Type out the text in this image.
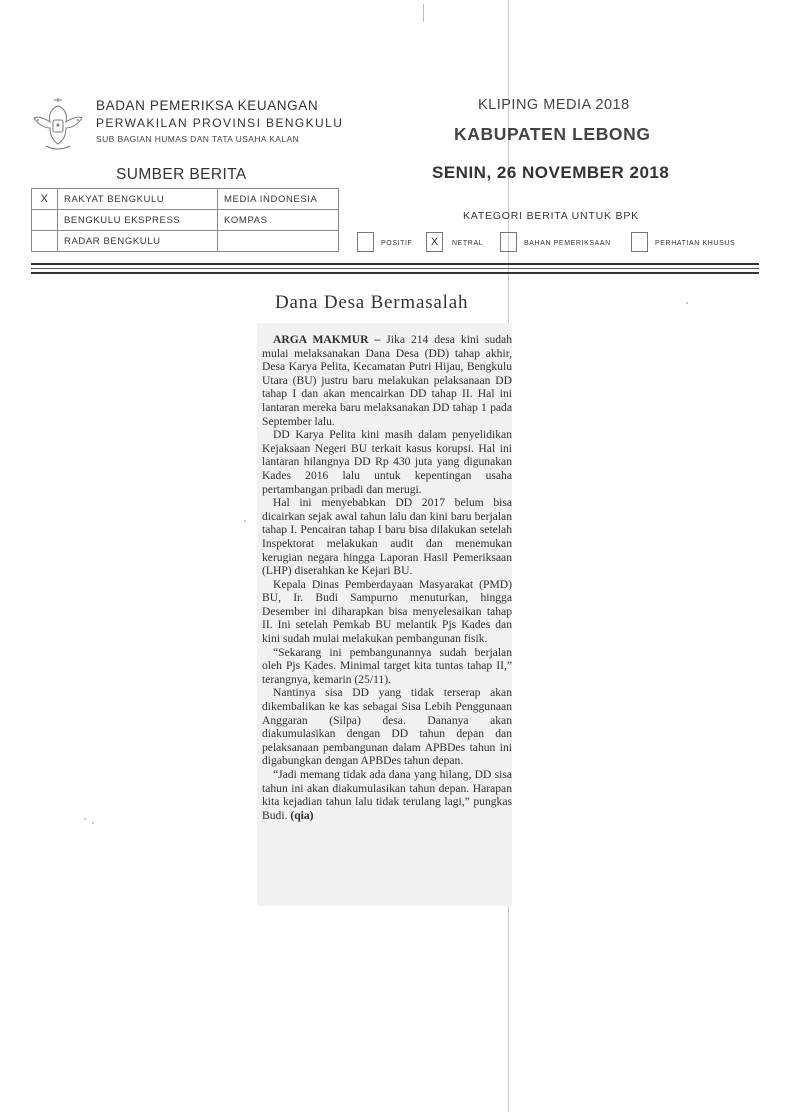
BADAN PEMERIKSA KEUANGAN
PERWAKILAN PROVINSI BENGKULU
SUB BAGIAN HUMAS DAN TATA USAHA KALAN
KLIPING MEDIA 2018
KABUPATEN LEBONG
SENIN, 26 NOVEMBER 2018
KATEGORI BERITA UNTUK BPK
SUMBER BERITA
X	RAKYAT BENGKULU	MEDIA INDONESIA
	BENGKULU EKSPRESS	KOMPAS
	RADAR BENGKULU		POSITIF	X	NETRAL	BAHAN PEMERIKSAAN	PERHATIAN KHUSUS
Dana Desa Bermasalah

ARGA MAKMUR – Jika 214 desa kini sudah mulai melaksanakan Dana Desa (DD) tahap akhir, Desa Karya Pelita, Kecamatan Putri Hijau, Bengkulu Utara (BU) justru baru melakukan pelaksanaan DD tahap I dan akan mencairkan DD tahap II. Hal ini lantaran mereka baru melaksanakan DD tahap 1 pada September lalu.

DD Karya Pelita kini masih dalam penyelidikan Kejaksaan Negeri BU terkait kasus korupsi. Hal ini lantaran hilangnya DD Rp 430 juta yang digunakan Kades 2016 lalu untuk kepentingan usaha pertambangan pribadi dan merugi.

Hal ini menyebabkan DD 2017 belum bisa dicairkan sejak awal tahun lalu dan kini baru berjalan tahap I. Pencairan tahap I baru bisa dilakukan setelah Inspektorat melakukan audit dan menemukan kerugian negara hingga Laporan Hasil Pemeriksaan (LHP) diserahkan ke Kejari BU.

Kepala Dinas Pemberdayaan Masyarakat (PMD) BU, Ir. Budi Sampurno menuturkan, hingga Desember ini diharapkan bisa menyelesaikan tahap II. Ini setelah Pemkab BU melantik Pjs Kades dan kini sudah mulai melakukan pembangunan fisik.

“Sekarang ini pembangunannya sudah berjalan oleh Pjs Kades. Minimal target kita tuntas tahap II,” terangnya, kemarin (25/11).

Nantinya sisa DD yang tidak terserap akan dikembalikan ke kas sebagai Sisa Lebih Penggunaan Anggaran (Silpa) desa. Dananya akan diakumulasikan dengan DD tahun depan dan pelaksanaan pembangunan dalam APBDes tahun ini digabungkan dengan APBDes tahun depan.

“Jadi memang tidak ada dana yang hilang, DD sisa tahun ini akan diakumulasikan tahun depan. Harapan kita kejadian tahun lalu tidak terulang lagi,” pungkas Budi. (qia)
